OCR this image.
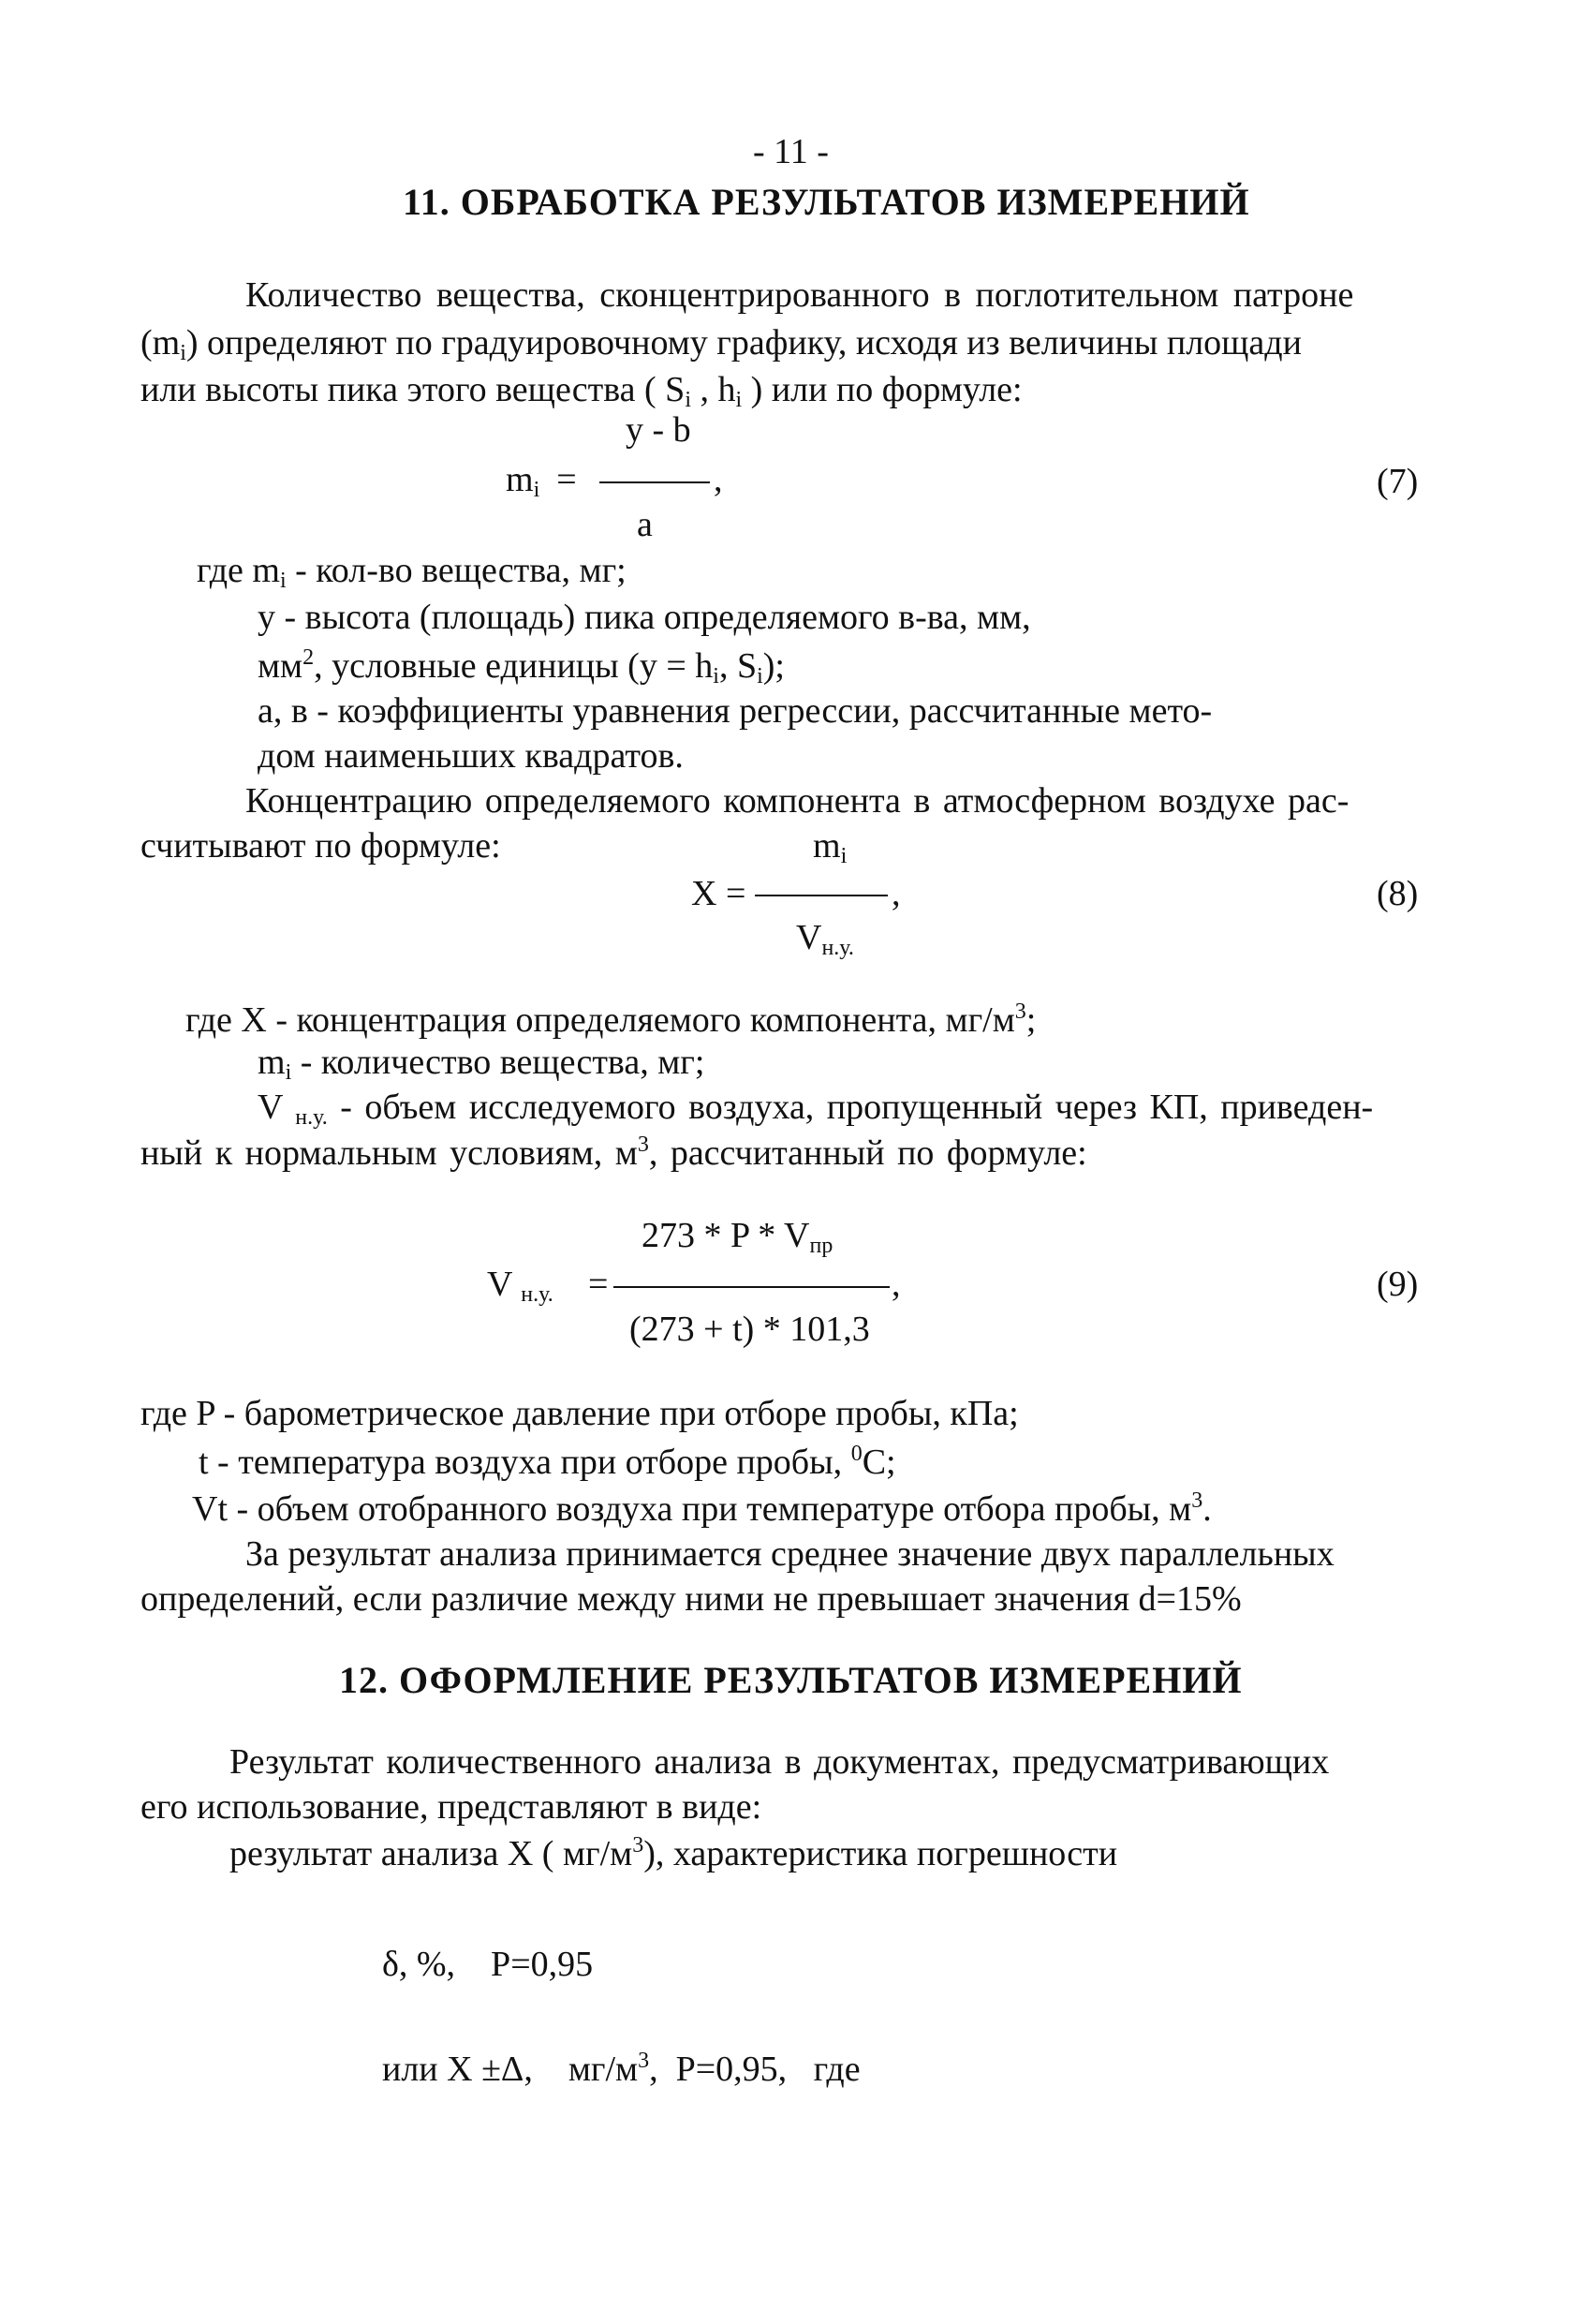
- 11 -
11. ОБРАБОТКА РЕЗУЛЬТАТОВ ИЗМЕРЕНИЙ
Количество вещества, сконцентрированного в поглотительном патроне
$(m_i)$ определяют по градуировочному графику, исходя из величины площади
или высоты пика этого вещества ( $S_i$ , $h_i$ ) или по формуле:
y - b
$m_i$ =	,
a
(7)
где $m_i - кол-во$ вещества, мг;
y - высота (площадь) пика определяемого в-ва, мм,
$мм^2$, условные единицы ($y = h_i$, $S_i$);
а, в - коэффициенты уравнения регрессии, рассчитанные мето-
дом наименьших квадратов.
Концентрацию определяемого компонента в атмосферном воздухе рас-
считывают по формуле:	$m_i$
X =	,
$V_{н.у.}$
(8)
где X - концентрация определяемого компонента, $мг/м^3$;
$m_i$ - количество вещества, мг;
V $_{н.у.}$ - объем исследуемого воздуха, пропущенный через КП, приведен-
ный к нормальным условиям, $м^3$, рассчитанный по формуле:
273 * P * $V_{пр}$
V $_{н.у.}$ =	,
(273 + t) * 101,3
(9)
где P - барометрическое давление при отборе пробы, кПа;
t - температура воздуха при отборе пробы, $^0$C;
Vt - объем отобранного воздуха при температуре отбора пробы, $м^3$.
За результат анализа принимается среднее значение двух параллельных
определений, если различие между ними не превышает значения d=15%
12. ОФОРМЛЕНИЕ РЕЗУЛЬТАТОВ ИЗМЕРЕНИЙ
Результат количественного анализа в документах, предусматривающих
его использование, представляют в виде:
результат анализа X ( $мг/м^3$), характеристика погрешности
δ, %,    P=0,95
или X ±Δ,    $мг/м^3$,  P=0,95,   где
